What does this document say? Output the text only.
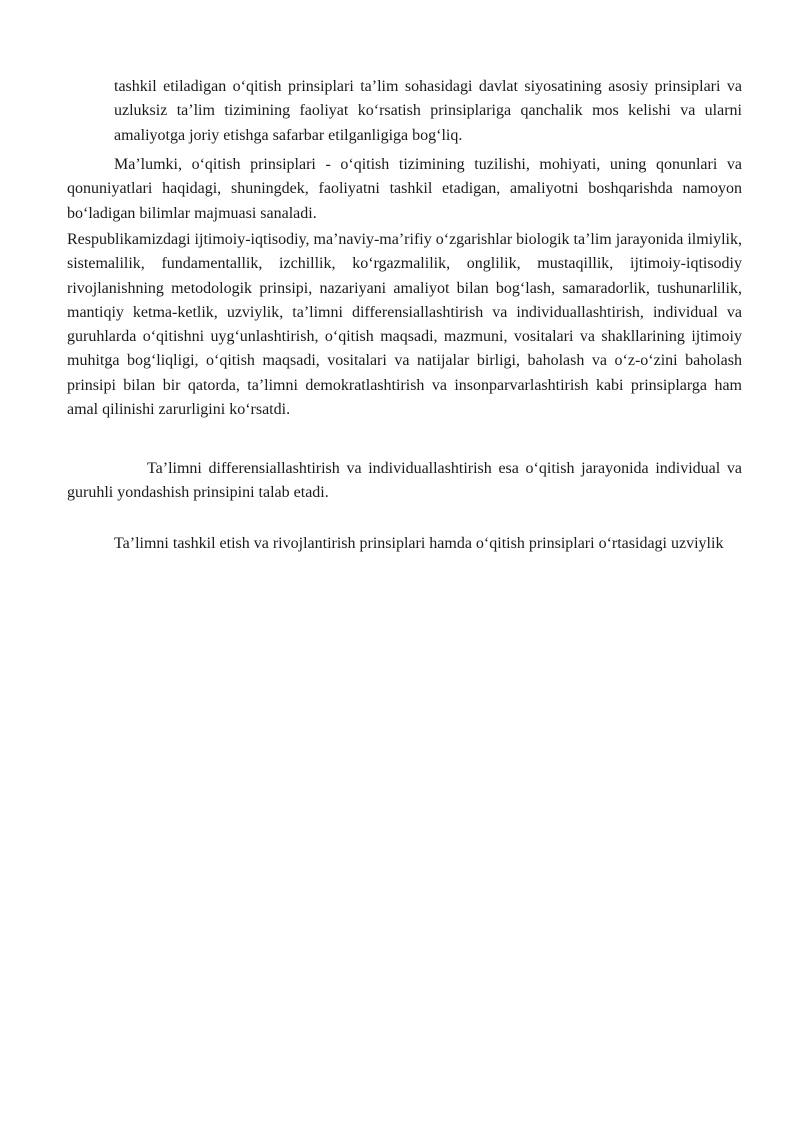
tashkil etiladigan o‘qitish prinsiplari ta’lim sohasidagi davlat siyosatining asosiy prinsiplari va uzluksiz ta’lim tizimining faoliyat ko‘rsatish prinsiplariga qanchalik mos kelishi va ularni amaliyotga joriy etishga safarbar etilganligiga bog‘liq.

Ma’lumki, o‘qitish prinsiplari - o‘qitish tizimining tuzilishi, mohiyati, uning qonunlari va qonuniyatlari haqidagi, shuningdek, faoliyatni tashkil etadigan, amaliyotni boshqarishda namoyon bo‘ladigan bilimlar majmuasi sanaladi.

Respublikamizdagi ijtimoiy-iqtisodiy, ma’naviy-ma’rifiy o‘zgarishlar biologik ta’lim jarayonida ilmiylik, sistemalilik, fundamentallik, izchillik, ko‘rgazmalilik, onglilik, mustaqillik, ijtimoiy-iqtisodiy rivojlanishning metodologik prinsipi, nazariyani amaliyot bilan bog‘lash, samaradorlik, tushunarlilik, mantiqiy ketma-ketlik, uzviylik, ta’limni differensiallashtirish va individuallashtirish, individual va guruhlarda o‘qitishni uyg‘unlashtirish, o‘qitish maqsadi, mazmuni, vositalari va shakllarining ijtimoiy muhitga bog‘liqligi, o‘qitish maqsadi, vositalari va natijalar birligi, baholash va o‘z-o‘zini baholash prinsipi bilan bir qatorda, ta’limni demokratlashtirish va insonparvarlashtirish kabi prinsiplarga ham amal qilinishi zarurligini ko‘rsatdi.

Ta’limni differensiallashtirish va individuallashtirish esa o‘qitish jarayonida individual va guruhli yondashish prinsipini talab etadi.

Ta’limni tashkil etish va rivojlantirish prinsiplari hamda o‘qitish prinsiplari o‘rtasidagi uzviylik
